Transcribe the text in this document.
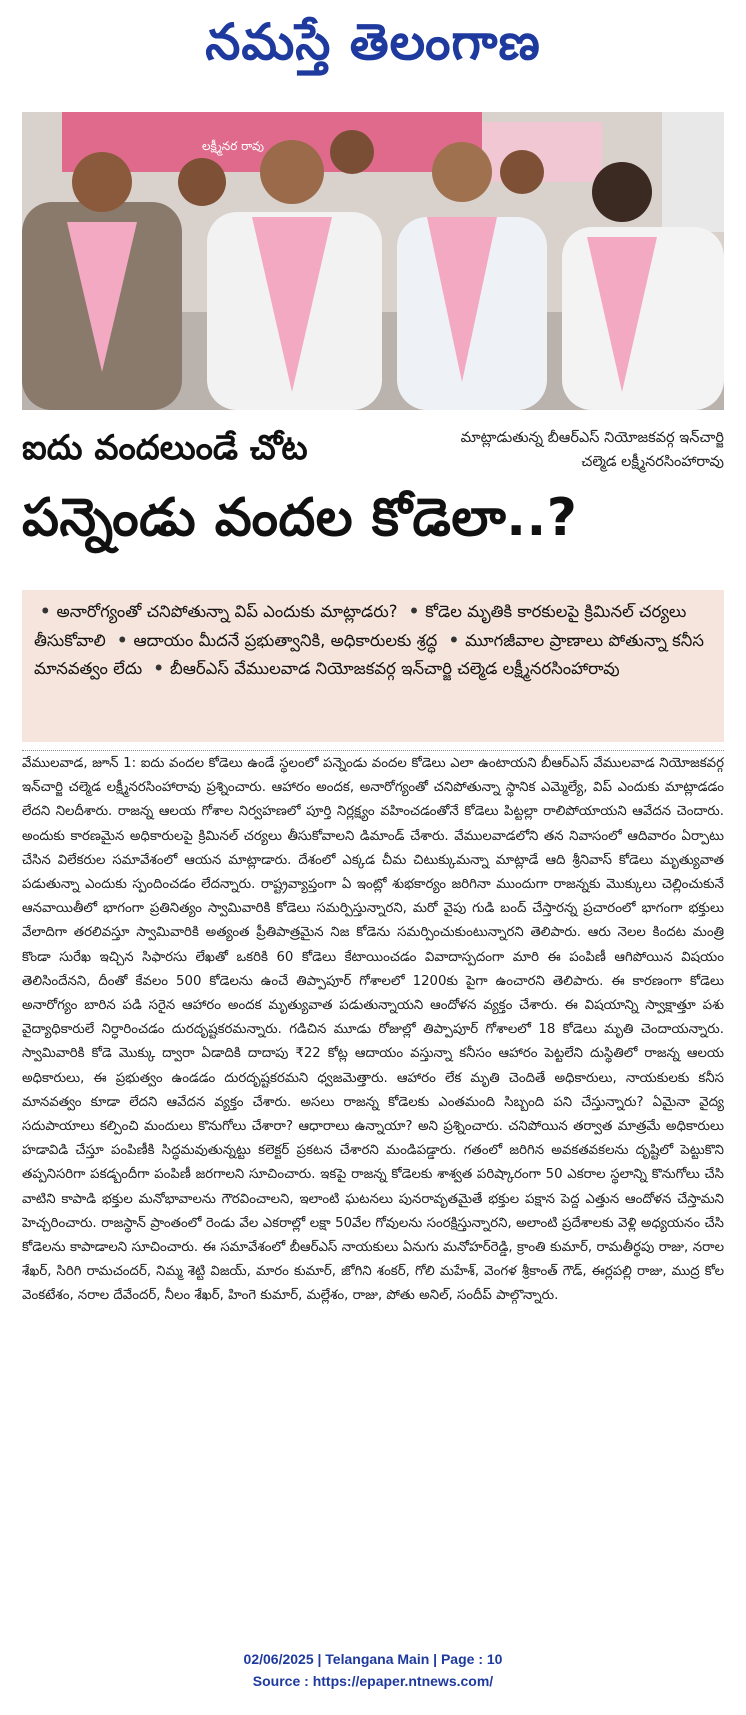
నమస్తే తెలంగాణ
లక్ష్మీనర రావు
ఐదు వందలుండే చోట	మాట్లాడుతున్న బీఆర్ఎస్ నియోజకవర్గ ఇన్‌చార్జి చల్మెడ లక్ష్మీనరసింహారావు
పన్నెండు వందల కోడెలా..?
• అనారోగ్యంతో చనిపోతున్నా విప్ ఎందుకు మాట్లాడరు? • కోడెల మృతికి కారకులపై క్రిమినల్ చర్యలు తీసుకోవాలి • ఆదాయం మీదనే ప్రభుత్వానికి, అధికారులకు శ్రద్ధ • మూగజీవాల ప్రాణాలు పోతున్నా కనీస మానవత్వం లేదు • బీఆర్ఎస్ వేములవాడ నియోజకవర్గ ఇన్‌చార్జి చల్మెడ లక్ష్మీనరసింహారావు
వేములవాడ, జూన్ 1: ఐదు వందల కోడెలు ఉండే స్థలంలో పన్నెండు వందల కోడెలు ఎలా ఉంటాయని బీఆర్ఎస్ వేములవాడ నియోజకవర్గ ఇన్‌చార్జి చల్మెడ లక్ష్మీనరసింహారావు ప్రశ్నించారు. ఆహారం అందక, అనారోగ్యంతో చనిపోతున్నా స్థానిక ఎమ్మెల్యే, విప్ ఎందుకు మాట్లాడడం లేదని నిలదీశారు. రాజన్న ఆలయ గోశాల నిర్వహణలో పూర్తి నిర్లక్ష్యం వహించడంతోనే కోడెలు పిట్టల్లా రాలిపోయాయని ఆవేదన చెందారు. అందుకు కారణమైన అధికారులపై క్రిమినల్ చర్యలు తీసుకోవాలని డిమాండ్ చేశారు. వేములవాడలోని తన నివాసంలో ఆదివారం ఏర్పాటు చేసిన విలేకరుల సమావేశంలో ఆయన మాట్లాడారు. దేశంలో ఎక్కడ చీమ చిటుక్కుమన్నా మాట్లాడే ఆది శ్రీనివాస్ కోడెలు మృత్యువాత పడుతున్నా ఎందుకు స్పందించడం లేదన్నారు. రాష్ట్రవ్యాప్తంగా ఏ ఇంట్లో శుభకార్యం జరిగినా ముందుగా రాజన్నకు మొక్కులు చెల్లించుకునే ఆనవాయితీలో భాగంగా ప్రతినిత్యం స్వామివారికి కోడెలు సమర్పిస్తున్నారని, మరో వైపు గుడి బంద్ చేస్తారన్న ప్రచారంలో భాగంగా భక్తులు వేలాదిగా తరలివస్తూ స్వామివారికి అత్యంత ప్రీతిపాత్రమైన నిజ కోడెను సమర్పించుకుంటున్నారని తెలిపారు. ఆరు నెలల కిందట మంత్రి కొండా సురేఖ ఇచ్చిన సిఫారసు లేఖతో ఒకరికి 60 కోడెలు కేటాయించడం వివాదాస్పదంగా మారి ఈ పంపిణీ ఆగిపోయిన విషయం తెలిసిందేనని, దీంతో కేవలం 500 కోడెలను ఉంచే తిప్పాపూర్ గోశాలలో 1200కు పైగా ఉంచారని తెలిపారు. ఈ కారణంగా కోడెలు అనారోగ్యం బారిన పడి సరైన ఆహారం అందక మృత్యువాత పడుతున్నాయని ఆందోళన వ్యక్తం చేశారు. ఈ విషయాన్ని స్వాక్షాత్తూ పశు వైద్యాధికారులే నిర్ధారించడం దురదృష్టకరమన్నారు. గడిచిన మూడు రోజుల్లో తిప్పాపూర్ గోశాలలో 18 కోడెలు మృతి చెందాయన్నారు. స్వామివారికి కోడె మొక్కు ద్వారా ఏడాదికి దాదాపు ₹22 కోట్ల ఆదాయం వస్తున్నా కనీసం ఆహారం పెట్టలేని దుస్థితిలో రాజన్న ఆలయ అధికారులు, ఈ ప్రభుత్వం ఉండడం దురదృష్టకరమని ధ్వజమెత్తారు. ఆహారం లేక మృతి చెందితే అధికారులు, నాయకులకు కనీస మానవత్వం కూడా లేదని ఆవేదన వ్యక్తం చేశారు. అసలు రాజన్న కోడెలకు ఎంతమంది సిబ్బంది పని చేస్తున్నారు? ఏమైనా వైద్య సదుపాయాలు కల్పించి మందులు కొనుగోలు చేశారా? ఆధారాలు ఉన్నాయా? అని ప్రశ్నించారు. చనిపోయిన తర్వాత మాత్రమే అధికారులు హడావిడి చేస్తూ పంపిణీకి సిద్ధమవుతున్నట్టు కలెక్టర్ ప్రకటన చేశారని మండిపడ్డారు. గతంలో జరిగిన అవకతవకలను దృష్టిలో పెట్టుకొని తప్పనిసరిగా పకడ్బందీగా పంపిణీ జరగాలని సూచించారు. ఇకపై రాజన్న కోడెలకు శాశ్వత పరిష్కారంగా 50 ఎకరాల స్థలాన్ని కొనుగోలు చేసి వాటిని కాపాడి భక్తుల మనోభావాలను గౌరవించాలని, ఇలాంటి ఘటనలు పునరావృతమైతే భక్తుల పక్షాన పెద్ద ఎత్తున ఆందోళన చేస్తామని హెచ్చరించారు. రాజస్థాన్ ప్రాంతంలో రెండు వేల ఎకరాల్లో లక్షా 50వేల గోవులను సంరక్షిస్తున్నారని, అలాంటి ప్రదేశాలకు వెళ్లి అధ్యయనం చేసి కోడెలను కాపాడాలని సూచించారు. ఈ సమావేశంలో బీఆర్ఎస్ నాయకులు ఏనుగు మనోహర్‌రెడ్డి, క్రాంతి కుమార్, రామతీర్థపు రాజు, నరాల శేఖర్, సిరిగి రామచందర్, నిమ్మ శెట్టి విజయ్, మారం కుమార్, జోగిని శంకర్, గోలి మహేశ్, వెంగళ శ్రీకాంత్ గౌడ్, ఈర్లపల్లి రాజు, ముద్ర కోల వెంకటేశం, నరాల దేవేందర్, నీలం శేఖర్, హింగె కుమార్, మల్లేశం, రాజు, పోతు అనిల్, సందీప్ పాల్గొన్నారు.
02/06/2025 | Telangana Main | Page : 10
Source : https://epaper.ntnews.com/
